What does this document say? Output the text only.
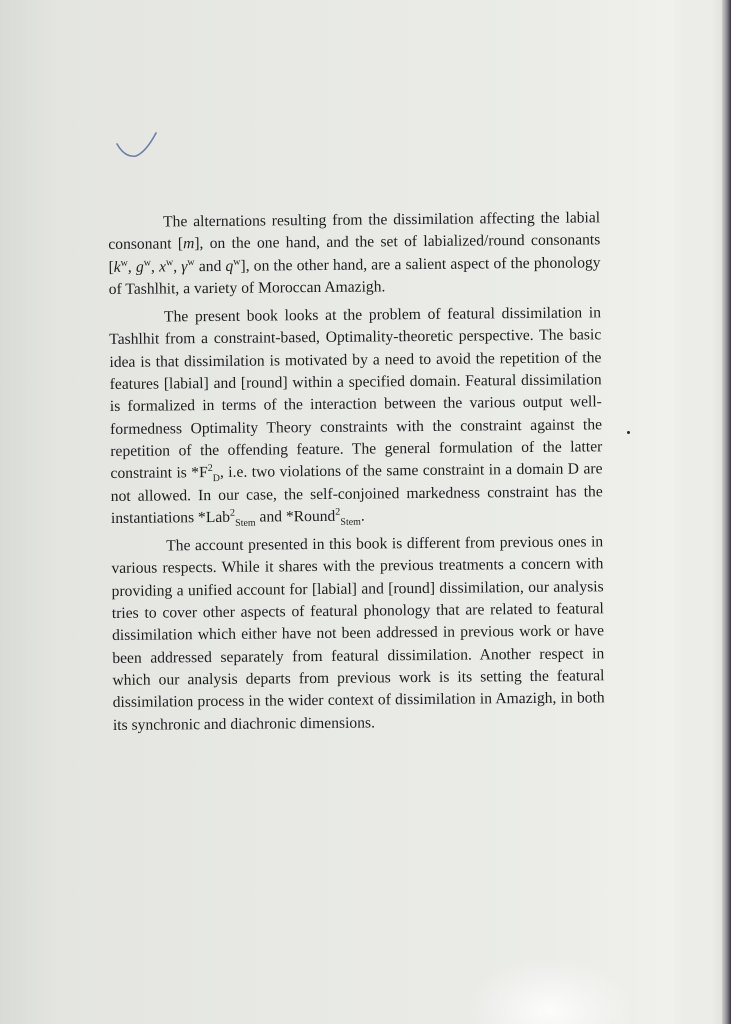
The alternations resulting from the dissimilation affecting the labial consonant [m], on the one hand, and the set of labialized/round consonants [$k^w$, $g^w$, $x^w$, $\gamma^w$ and $q^w$], on the other hand, are a salient aspect of the phonology of Tashlhit, a variety of Moroccan Amazigh.

The present book looks at the problem of featural dissimilation in Tashlhit from a constraint-based, Optimality-theoretic perspective. The basic idea is that dissimilation is motivated by a need to avoid the repetition of the features [labial] and [round] within a specified domain. Featural dissimilation is formalized in terms of the interaction between the various output well-formedness Optimality Theory constraints with the constraint against the repetition of the offending feature. The general formulation of the latter constraint is $*F^2_D$, i.e. two violations of the same constraint in a domain D are not allowed. In our case, the self-conjoined markedness constraint has the instantiations *Lab$^2_{Stem}$ and *Round$^2_{Stem}$.

The account presented in this book is different from previous ones in various respects. While it shares with the previous treatments a concern with providing a unified account for [labial] and [round] dissimilation, our analysis tries to cover other aspects of featural phonology that are related to featural dissimilation which either have not been addressed in previous work or have been addressed separately from featural dissimilation. Another respect in which our analysis departs from previous work is its setting the featural dissimilation process in the wider context of dissimilation in Amazigh, in both its synchronic and diachronic dimensions.
